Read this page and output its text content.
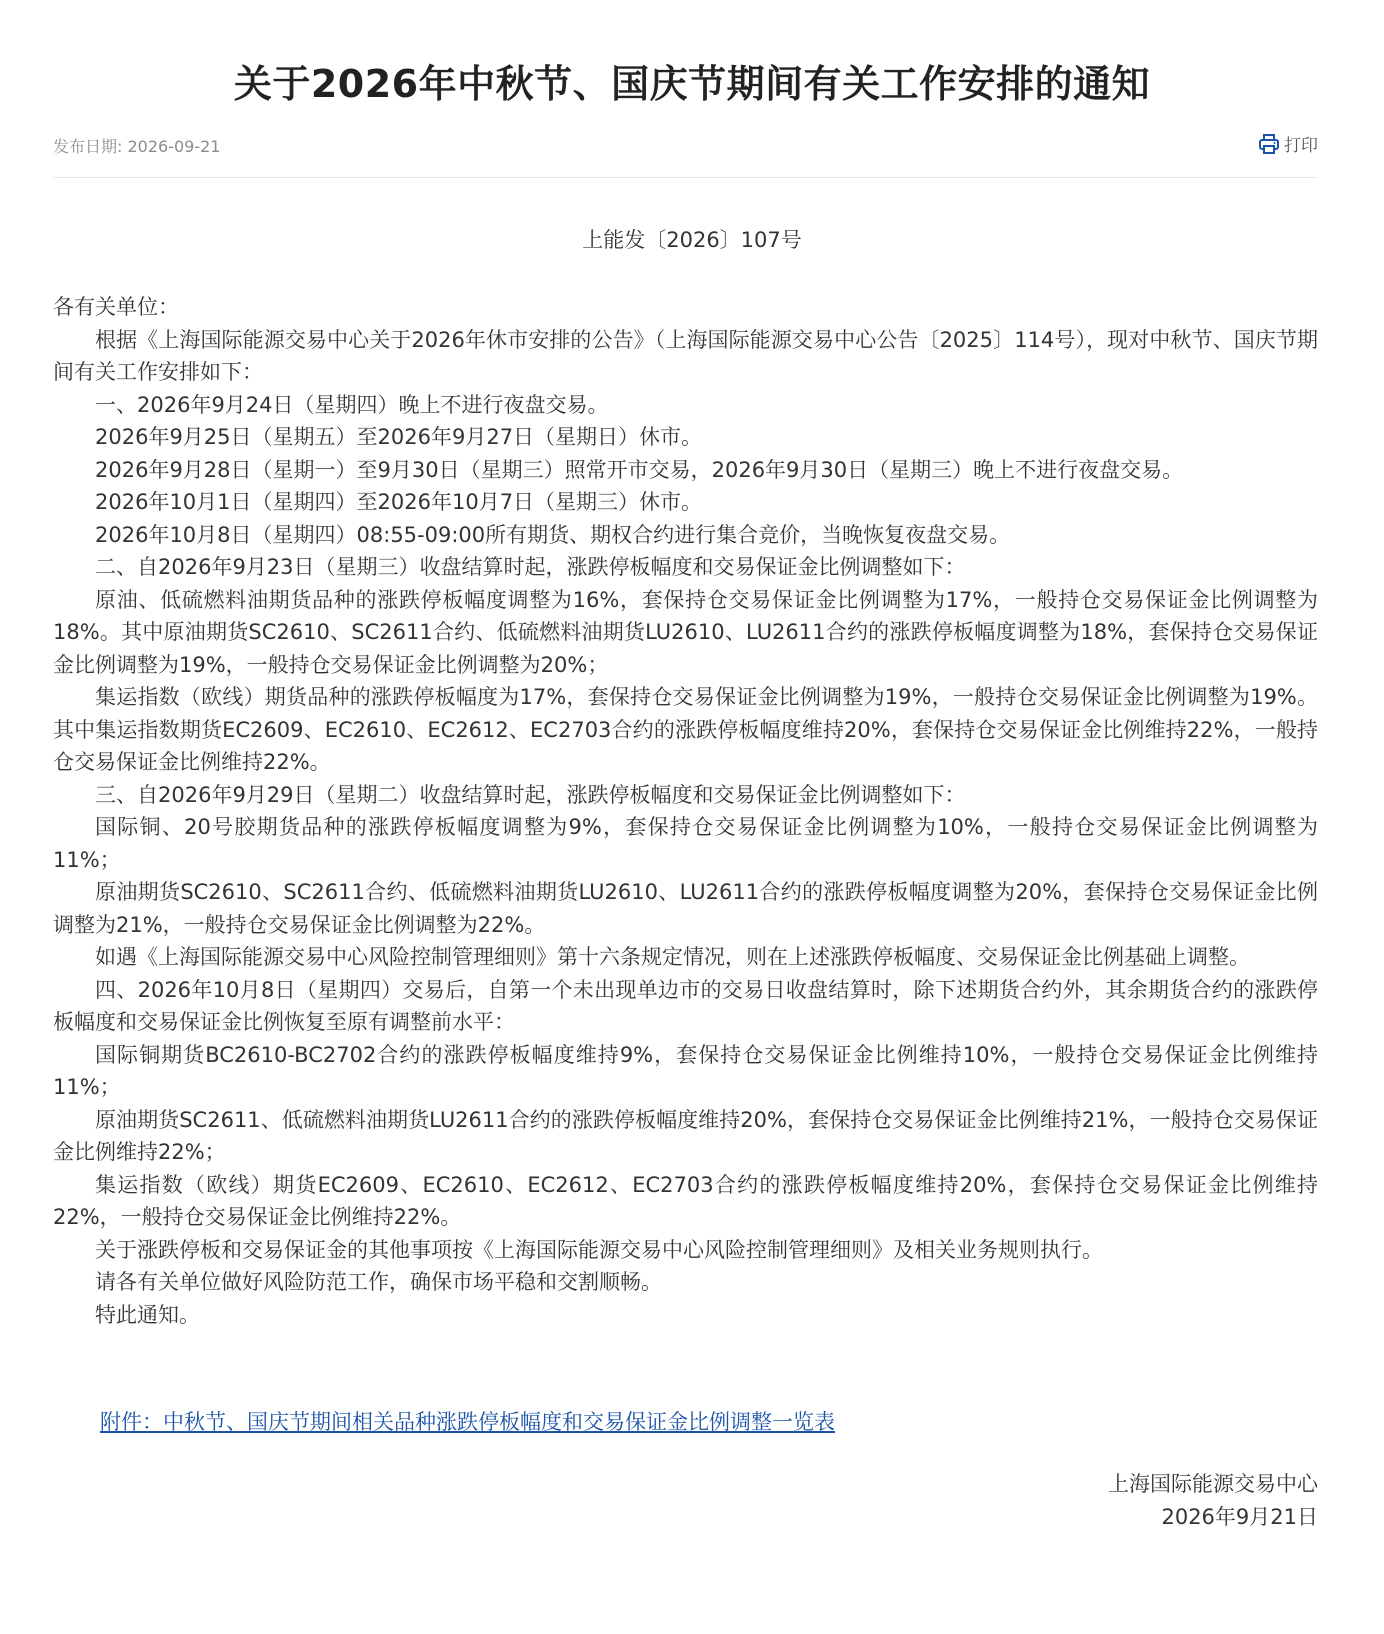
关于2026年中秋节、国庆节期间有关工作安排的通知
发布日期: 2026-09-21	打印
上能发〔2026〕107号

各有关单位：

根据《上海国际能源交易中心关于2026年休市安排的公告》（上海国际能源交易中心公告〔2025〕114号），现对中秋节、国庆节期间有关工作安排如下：

一、2026年9月24日（星期四）晚上不进行夜盘交易。

2026年9月25日（星期五）至2026年9月27日（星期日）休市。

2026年9月28日（星期一）至9月30日（星期三）照常开市交易，2026年9月30日（星期三）晚上不进行夜盘交易。

2026年10月1日（星期四）至2026年10月7日（星期三）休市。

2026年10月8日（星期四）08:55-09:00所有期货、期权合约进行集合竞价，当晚恢复夜盘交易。

二、自2026年9月23日（星期三）收盘结算时起，涨跌停板幅度和交易保证金比例调整如下：

原油、低硫燃料油期货品种的涨跌停板幅度调整为16%，套保持仓交易保证金比例调整为17%，一般持仓交易保证金比例调整为18%。其中原油期货SC2610、SC2611合约、低硫燃料油期货LU2610、LU2611合约的涨跌停板幅度调整为18%，套保持仓交易保证金比例调整为19%，一般持仓交易保证金比例调整为20%；

集运指数（欧线）期货品种的涨跌停板幅度为17%，套保持仓交易保证金比例调整为19%，一般持仓交易保证金比例调整为19%。其中集运指数期货EC2609、EC2610、EC2612、EC2703合约的涨跌停板幅度维持20%，套保持仓交易保证金比例维持22%，一般持仓交易保证金比例维持22%。

三、自2026年9月29日（星期二）收盘结算时起，涨跌停板幅度和交易保证金比例调整如下：

国际铜、20号胶期货品种的涨跌停板幅度调整为9%，套保持仓交易保证金比例调整为10%，一般持仓交易保证金比例调整为11%；

原油期货SC2610、SC2611合约、低硫燃料油期货LU2610、LU2611合约的涨跌停板幅度调整为20%，套保持仓交易保证金比例调整为21%，一般持仓交易保证金比例调整为22%。

如遇《上海国际能源交易中心风险控制管理细则》第十六条规定情况，则在上述涨跌停板幅度、交易保证金比例基础上调整。

四、2026年10月8日（星期四）交易后，自第一个未出现单边市的交易日收盘结算时，除下述期货合约外，其余期货合约的涨跌停板幅度和交易保证金比例恢复至原有调整前水平：

国际铜期货BC2610-BC2702合约的涨跌停板幅度维持9%，套保持仓交易保证金比例维持10%，一般持仓交易保证金比例维持11%；

原油期货SC2611、低硫燃料油期货LU2611合约的涨跌停板幅度维持20%，套保持仓交易保证金比例维持21%，一般持仓交易保证金比例维持22%；

集运指数（欧线）期货EC2609、EC2610、EC2612、EC2703合约的涨跌停板幅度维持20%，套保持仓交易保证金比例维持22%，一般持仓交易保证金比例维持22%。

关于涨跌停板和交易保证金的其他事项按《上海国际能源交易中心风险控制管理细则》及相关业务规则执行。

请各有关单位做好风险防范工作，确保市场平稳和交割顺畅。

特此通知。

附件：中秋节、国庆节期间相关品种涨跌停板幅度和交易保证金比例调整一览表
上海国际能源交易中心
2026年9月21日
